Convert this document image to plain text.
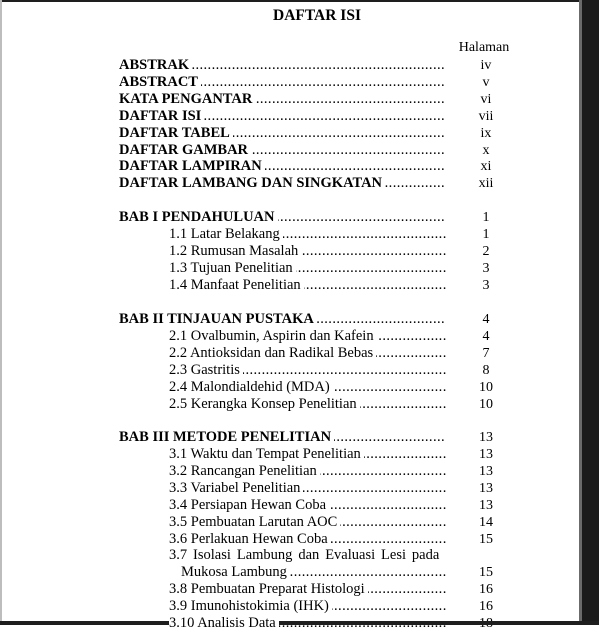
DAFTAR ISI
Halaman
ABSTRAK .....	iv
ABSTRACT .....	v
KATA PENGANTAR .....	vi
DAFTAR ISI .....	vii
DAFTAR TABEL .....	ix
DAFTAR GAMBAR .....	x
DAFTAR LAMPIRAN .....	xi
DAFTAR LAMBANG DAN SINGKATAN .....	xii
BAB I PENDAHULUAN .....	1
1.1 Latar Belakang .....	1
1.2 Rumusan Masalah .....	2
1.3 Tujuan Penelitian .....	3
1.4 Manfaat Penelitian .....	3
BAB II TINJAUAN PUSTAKA .....	4
2.1 Ovalbumin, Aspirin dan Kafein .....	4
2.2 Antioksidan dan Radikal Bebas .....	7
2.3 Gastritis .....	8
2.4 Malondialdehid (MDA) .....	10
2.5 Kerangka Konsep Penelitian .....	10
BAB III METODE PENELITIAN .....	13
3.1 Waktu dan Tempat Penelitian .....	13
3.2 Rancangan Penelitian .....	13
3.3 Variabel Penelitian .....	13
3.4 Persiapan Hewan Coba .....	13
3.5 Pembuatan Larutan AOC .....	14
3.6 Perlakuan Hewan Coba .....	15
3.7 Isolasi Lambung dan Evaluasi Lesi pada
Mukosa Lambung .....	15
3.8 Pembuatan Preparat Histologi .....	16
3.9 Imunohistokimia (IHK) .....	16
3.10 Analisis Data .....
